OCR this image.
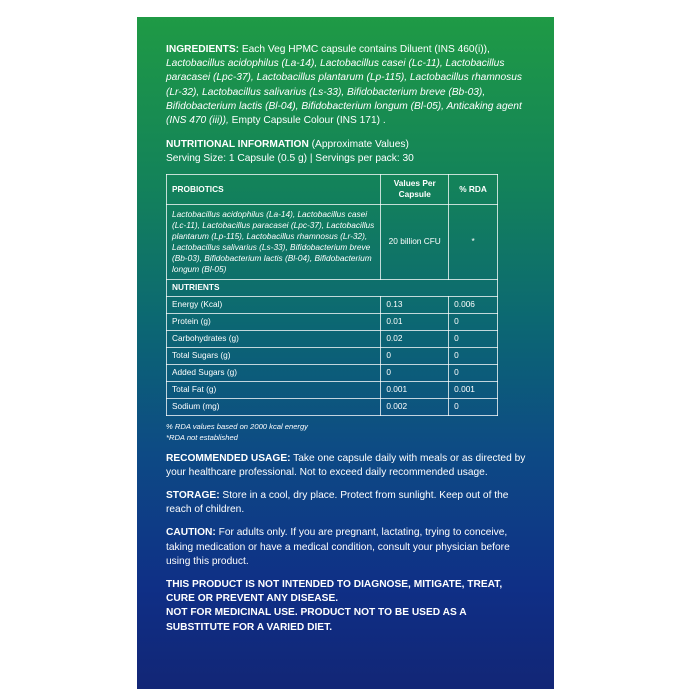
INGREDIENTS: Each Veg HPMC capsule contains Diluent (INS 460(i)), Lactobacillus acidophilus (La-14), Lactobacillus casei (Lc-11), Lactobacillus paracasei (Lpc-37), Lactobacillus plantarum (Lp-115), Lactobacillus rhamnosus (Lr-32), Lactobacillus salivarius (Ls-33), Bifidobacterium breve (Bb-03), Bifidobacterium lactis (Bl-04), Bifidobacterium longum (Bl-05), Anticaking agent (INS 470 (iii)), Empty Capsule Colour (INS 171) .

NUTRITIONAL INFORMATION (Approximate Values)

Serving Size: 1 Capsule (0.5 g) | Servings per pack: 30

PROBIOTICS	Values Per Capsule	% RDA
Lactobacillus acidophilus (La-14), Lactobacillus casei (Lc-11), Lactobacillus paracasei (Lpc-37), Lactobacillus plantarum (Lp-115), Lactobacillus rhamnosus (Lr-32), Lactobacillus salivarius (Ls-33), Bifidobacterium breve (Bb-03), Bifidobacterium lactis (Bl-04), Bifidobacterium longum (Bl-05)	20 billion CFU	*
NUTRIENTS		
Energy (Kcal)	0.13	0.006
Protein (g)	0.01	0
Carbohydrates (g)	0.02	0
Total Sugars (g)	0	0
Added Sugars (g)	0	0
Total Fat (g)	0.001	0.001
Sodium (mg)	0.002	0
% RDA values based on 2000 kcal energy
*RDA not established

RECOMMENDED USAGE: Take one capsule daily with meals or as directed by your healthcare professional. Not to exceed daily recommended usage.

STORAGE: Store in a cool, dry place. Protect from sunlight. Keep out of the reach of children.

CAUTION: For adults only. If you are pregnant, lactating, trying to conceive, taking medication or have a medical condition, consult your physician before using this product.

THIS PRODUCT IS NOT INTENDED TO DIAGNOSE, MITIGATE, TREAT, CURE OR PREVENT ANY DISEASE.
NOT FOR MEDICINAL USE. PRODUCT NOT TO BE USED AS A SUBSTITUTE FOR A VARIED DIET.
